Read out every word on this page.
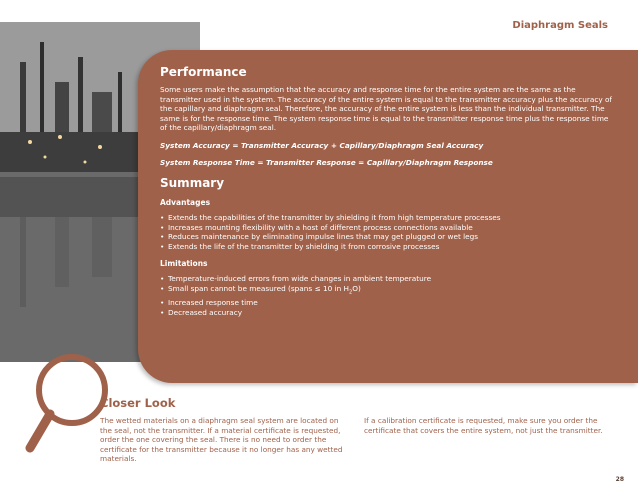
Diaphragm Seals
Performance

Some users make the assumption that the accuracy and response time for the entire system are the same as the transmitter used in the system. The accuracy of the entire system is equal to the transmitter accuracy plus the accuracy of the capillary and diaphragm seal. Therefore, the accuracy of the entire system is less than the individual transmitter. The same is for the response time. The system response time is equal to the transmitter response time plus the response time of the capillary/diaphragm seal.

System Accuracy = Transmitter Accuracy + Capillary/Diaphragm Seal Accuracy
System Response Time = Transmitter Response = Capillary/Diaphragm Response
Summary
Advantages
• Extends the capabilities of the transmitter by shielding it from high temperature processes
• Increases mounting flexibility with a host of different process connections available
• Reduces maintenance by eliminating impulse lines that may get plugged or wet legs
• Extends the life of the transmitter by shielding it from corrosive processes
Limitations
• Temperature-induced errors from wide changes in ambient temperature
• Small span cannot be measured (spans ≤ 10 in $H_2O$)
• Increased response time
• Decreased accuracy
Closer Look
The wetted materials on a diaphragm seal system are located on the seal, not the transmitter. If a material certificate is requested, order the one covering the seal. There is no need to order the certificate for the transmitter because it no longer has any wetted materials.
If a calibration certificate is requested, make sure you order the certificate that covers the entire system, not just the transmitter.
28
